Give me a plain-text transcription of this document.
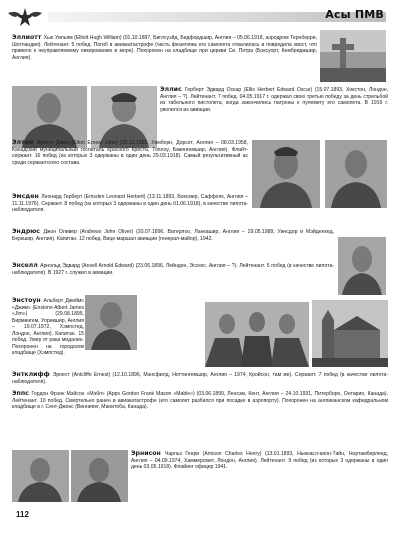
Асы ПМВ
Эллиотт Хью Уильям (Elliott Hugh William) (01.10.1897, Биглсуэйд, Бедфордшир, Англия – 05.06.1918, аэродром Тернберри, Шотландия). Лейтенант. 5 побед. Погиб в авиакатастрофе (часть фюзеляжа его самолета отвалилась и повредила хвост, что привело к неуправляемому пикированию в море). Похоронен на кладбище при церкви Св. Петра (Боксуорт, Кембриджшир, Англия).
Эллис Герберт Эдвард Оскар (Ellis Herbert Edward Oscar) (15.07.1893, Хокстон, Лондон, Англия – ?). Лейтенант. 7 побед. 04.05.1917 г. одержал свою третью победу за день стрельбой из табельного пистолета, когда закончились патроны к пулемету его самолета. В 1919 г. уволился из авиации.
Элтон Эрнест Джон (Elton Ernest John) (25.12.1893, Уимборн, Дорсет, Англия – 08.03.1958, Канадский муниципальный госпиталь Красного Креста, Топлоу, Бакингемшир, Англия). Флайт-сержант. 16 побед (из которых 3 одержаны в один день 29.03.1918). Самый результативный ас среди сержантского состава.
Эмсден Леонард Герберт (Emsden Leonard Herbert) (13.11.1893, Боксмер, Саффолк, Англия – 11.11.1976). Сержант. 8 побед (из которых 3 одержаны в один день 01.06.1918), в качестве пилота-наблюдателя.
Эндрюс Джон Оливер (Andrews John Oliver) (20.07.1896, Ватерлоо, Ланкашир, Англия – 29.05.1989, Уинсдор и Мэйденхед, Беркшир, Англия). Капитан. 12 побед. Вице-маршал авиации (генерал-майор), 1942.
Энселл Арнольд Эдвард (Ansell Arnold Edward) (23.06.1896, Лейндон, Эссекс, Англия – ?). Лейтенант. 5 побед (в качестве пилота-наблюдателя). В 1927 г. служил в авиации.
Энстоун Альберт Джеймс «Джим» (Enstone Albert James «Jim») (29.08.1895, Бирмингем, Уорикшир, Англия – 19.07.1972, Хэмпстед, Лондон, Англия). Капитан. 15 побед. Умер от рака мидалин. Похоронен на городском кладбище (Хэмпстед).
Энтклифф Эрнест (Antcliffe Ernest) (12.10.1896, Мэнсфилд, Ноттингемшир, Англия – 1974, Кройсон, там же). Сержант. 7 побед (в качестве пилота-наблюдателя).
Эппс Гордон Фрэнк Мэйсон «Мэбл» (Apps Gordon Frank Mason «Mable») (03.06.1899, Ленхэм, Кент, Англия – 24.10.1931, Питерборо, Онтарио, Канада). Лейтенант. 10 побед. Смертельно ранен в авиакатастрофе (его самолет разбился при посадке в аэропорту). Похоронен на англиканском кафедральном кладбище в г. Сент-Джонс (Виннипег, Манитоба, Канада).
Эрнисон Чарльз Генри (Arnison Charles Henry) (13.01.1893, Ньюкасл-апон-Тайн, Нортамберленд, Англия – 04.09.1974, Хаммерсмит, Лондон, Англия). Лейтенант. 9 побед (из которых 3 одержаны в один день 03.05.1918). Флайинг офицер 1941.
112
